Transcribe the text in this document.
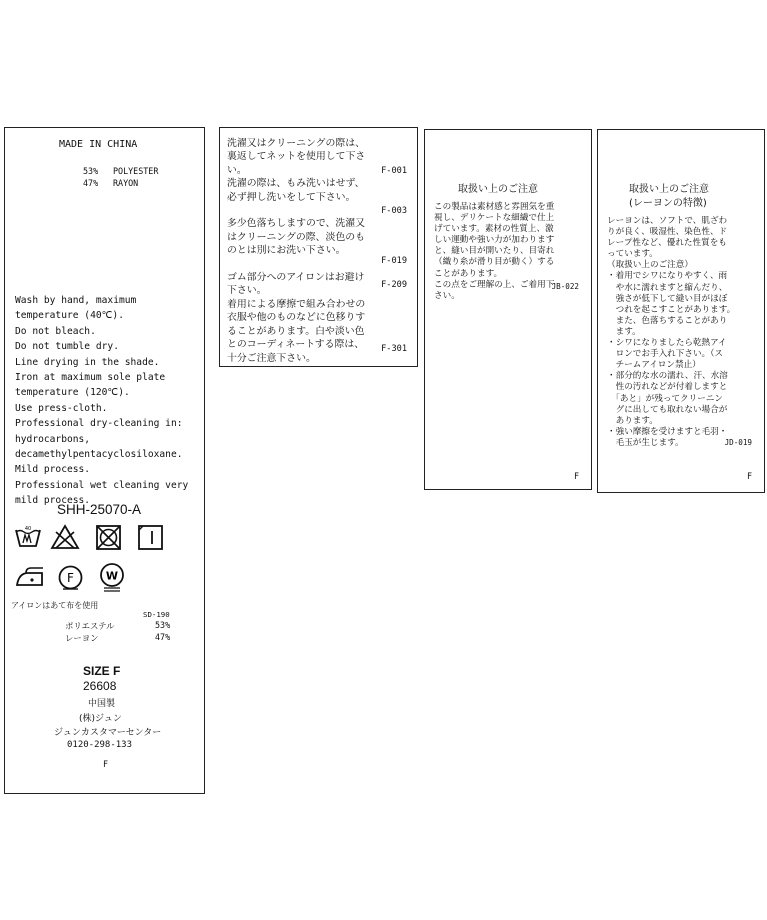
MADE IN CHINA
53% POLYESTER
47% RAYON
Wash by hand, maximum
temperature (40℃).
Do not bleach.
Do not tumble dry.
Line drying in the shade.
Iron at maximum sole plate
temperature (120℃).
Use press-cloth.
Professional dry-cleaning in:
hydrocarbons,
decamethylpentacyclosiloxane.
Mild process.
Professional wet cleaning very
mild process.
SHH-25070-A
40
F	W
アイロンはあて布を使用
SD-190
ポリエステル	53%
レーヨン	47%
SIZE F
26608
中国製
(株)ジュン
ジュンカスタマーセンター
0120-298-133
F
洗濯又はクリーニングの際は、
裏返してネットを使用して下さ
い。
洗濯の際は、もみ洗いはせず、
必ず押し洗いをして下さい。

多少色落ちしますので、洗濯又
はクリーニングの際、淡色のも
のとは別にお洗い下さい。

ゴム部分へのアイロンはお避け
下さい。
着用による摩擦で組み合わせの
衣服や他のものなどに色移りす
ることがあります。白や淡い色
とのコーディネートする際は、
十分ご注意下さい。
F-001
F-003
F-019
F-209
F-301
取扱い上のご注意
この製品は素材感と雰囲気を重
視し、デリケートな細繊で仕上
げています。素材の性質上、激
しい運動や強い力が加わります
と、縫い目が開いたり、目寄れ
（織り糸が滑り目が動く）する
ことがあります。
この点をご理解の上、ご着用下
さい。
JB-022
F
取扱い上のご注意
(レーヨンの特徴)
レーヨンは、ソフトで、肌ざわ
りが良く、吸湿性、染色性、ド
レープ性など、優れた性質をも
っています。
（取扱い上のご注意）
・着用でシワになりやすく、雨
　や水に濡れますと縮んだり、
　強さが低下して縫い目がほぼ
　つれを起こすことがあります。
　また、色落ちすることがあり
　ます。
・シワになりましたら乾熱アイ
　ロンでお手入れ下さい。（ス
　チームアイロン禁止）
・部分的な水の濡れ、汗、水溶
　性の汚れなどが付着しますと
　「あと」が残ってクリーニン
　グに出しても取れない場合が
　あります。
・強い摩擦を受けますと毛羽・
　毛玉が生じます。	JD-019
F
